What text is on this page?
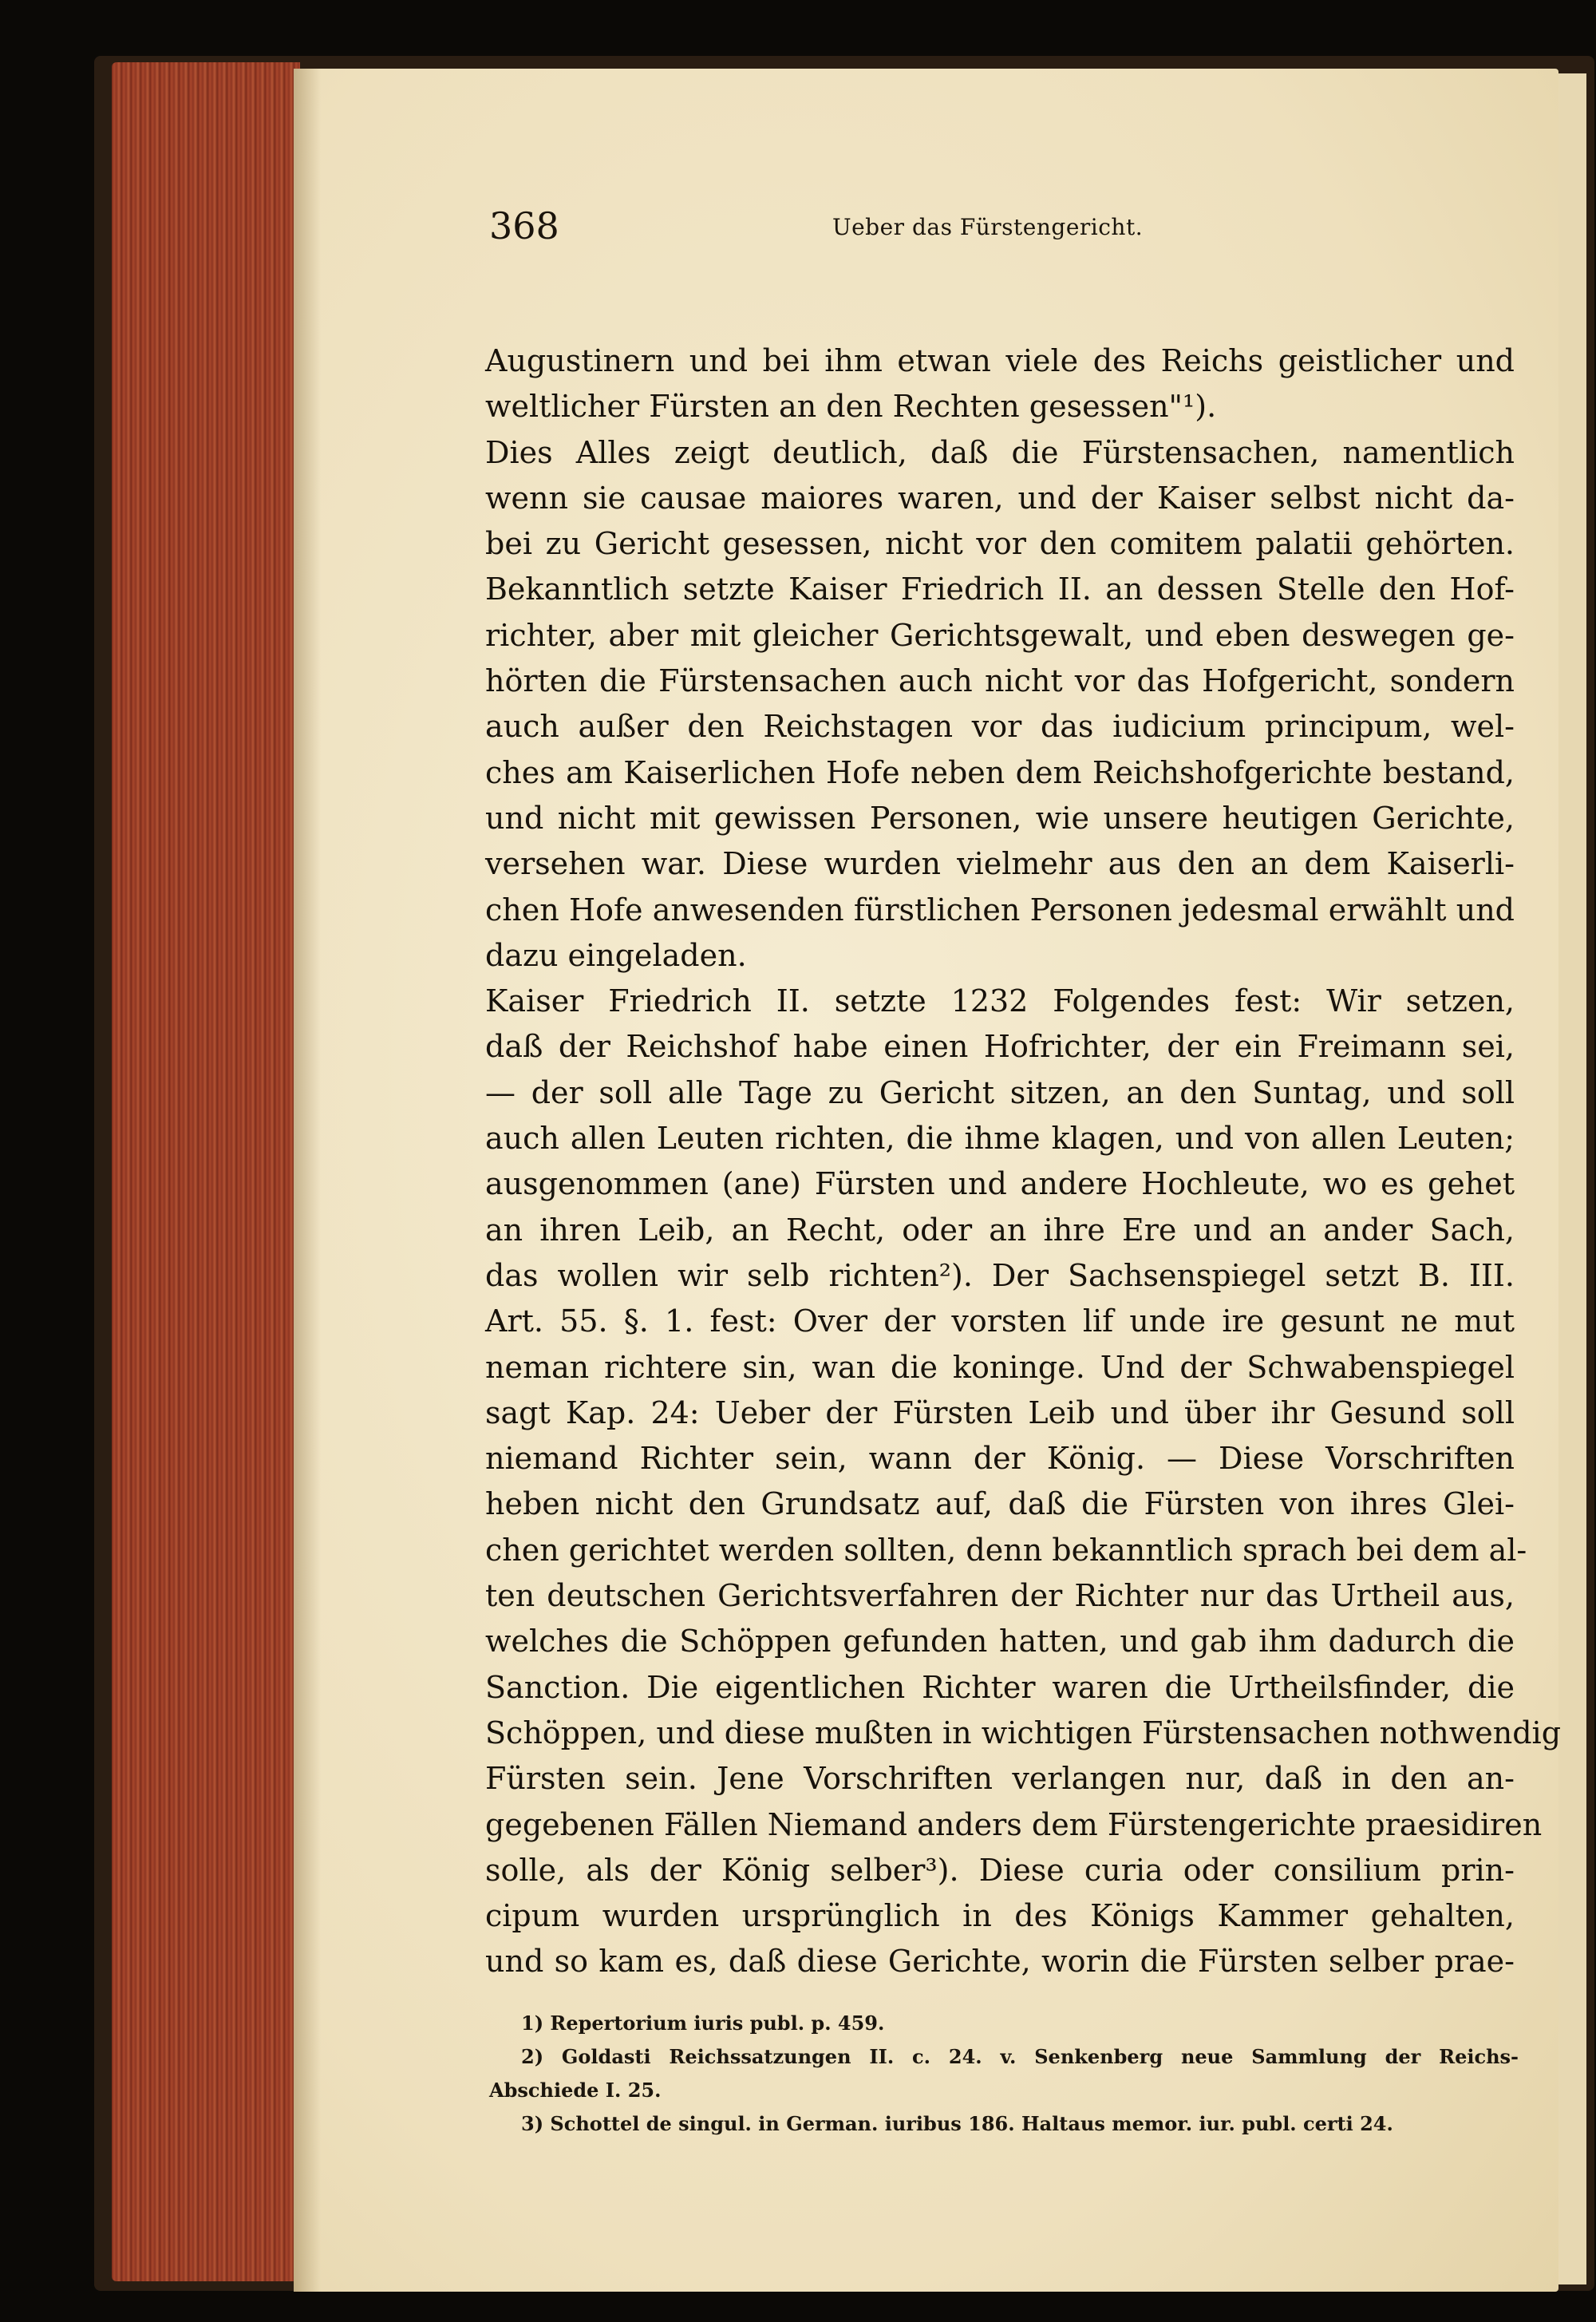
368	Ueber das Fürstengericht.
Augustinern und bei ihm etwan viele des Reichs geistlicher und
weltlicher Fürsten an den Rechten gesessen"¹).
Dies Alles zeigt deutlich, daß die Fürstensachen, namentlich
wenn sie causae maiores waren, und der Kaiser selbst nicht da-
bei zu Gericht gesessen, nicht vor den comitem palatii gehörten.
Bekanntlich setzte Kaiser Friedrich II. an dessen Stelle den Hof-
richter, aber mit gleicher Gerichtsgewalt, und eben deswegen ge-
hörten die Fürstensachen auch nicht vor das Hofgericht, sondern
auch außer den Reichstagen vor das iudicium principum, wel-
ches am Kaiserlichen Hofe neben dem Reichshofgerichte bestand,
und nicht mit gewissen Personen, wie unsere heutigen Gerichte,
versehen war. Diese wurden vielmehr aus den an dem Kaiserli-
chen Hofe anwesenden fürstlichen Personen jedesmal erwählt und
dazu eingeladen.
Kaiser Friedrich II. setzte 1232 Folgendes fest: Wir setzen,
daß der Reichshof habe einen Hofrichter, der ein Freimann sei,
— der soll alle Tage zu Gericht sitzen, an den Suntag, und soll
auch allen Leuten richten, die ihme klagen, und von allen Leuten;
ausgenommen (ane) Fürsten und andere Hochleute, wo es gehet
an ihren Leib, an Recht, oder an ihre Ere und an ander Sach,
das wollen wir selb richten²). Der Sachsenspiegel setzt B. III.
Art. 55. §. 1. fest: Over der vorsten lif unde ire gesunt ne mut
neman richtere sin, wan die koninge. Und der Schwabenspiegel
sagt Kap. 24: Ueber der Fürsten Leib und über ihr Gesund soll
niemand Richter sein, wann der König. — Diese Vorschriften
heben nicht den Grundsatz auf, daß die Fürsten von ihres Glei-
chen gerichtet werden sollten, denn bekanntlich sprach bei dem al-
ten deutschen Gerichtsverfahren der Richter nur das Urtheil aus,
welches die Schöppen gefunden hatten, und gab ihm dadurch die
Sanction. Die eigentlichen Richter waren die Urtheilsfinder, die
Schöppen, und diese mußten in wichtigen Fürstensachen nothwendig
Fürsten sein. Jene Vorschriften verlangen nur, daß in den an-
gegebenen Fällen Niemand anders dem Fürstengerichte praesidiren
solle, als der König selber³). Diese curia oder consilium prin-
cipum wurden ursprünglich in des Königs Kammer gehalten,
und so kam es, daß diese Gerichte, worin die Fürsten selber prae-
1) Repertorium iuris publ. p. 459.
2) Goldasti Reichssatzungen II. c. 24. v. Senkenberg neue Sammlung der Reichs-
Abschiede I. 25.
3) Schottel de singul. in German. iuribus 186. Haltaus memor. iur. publ. certi 24.
